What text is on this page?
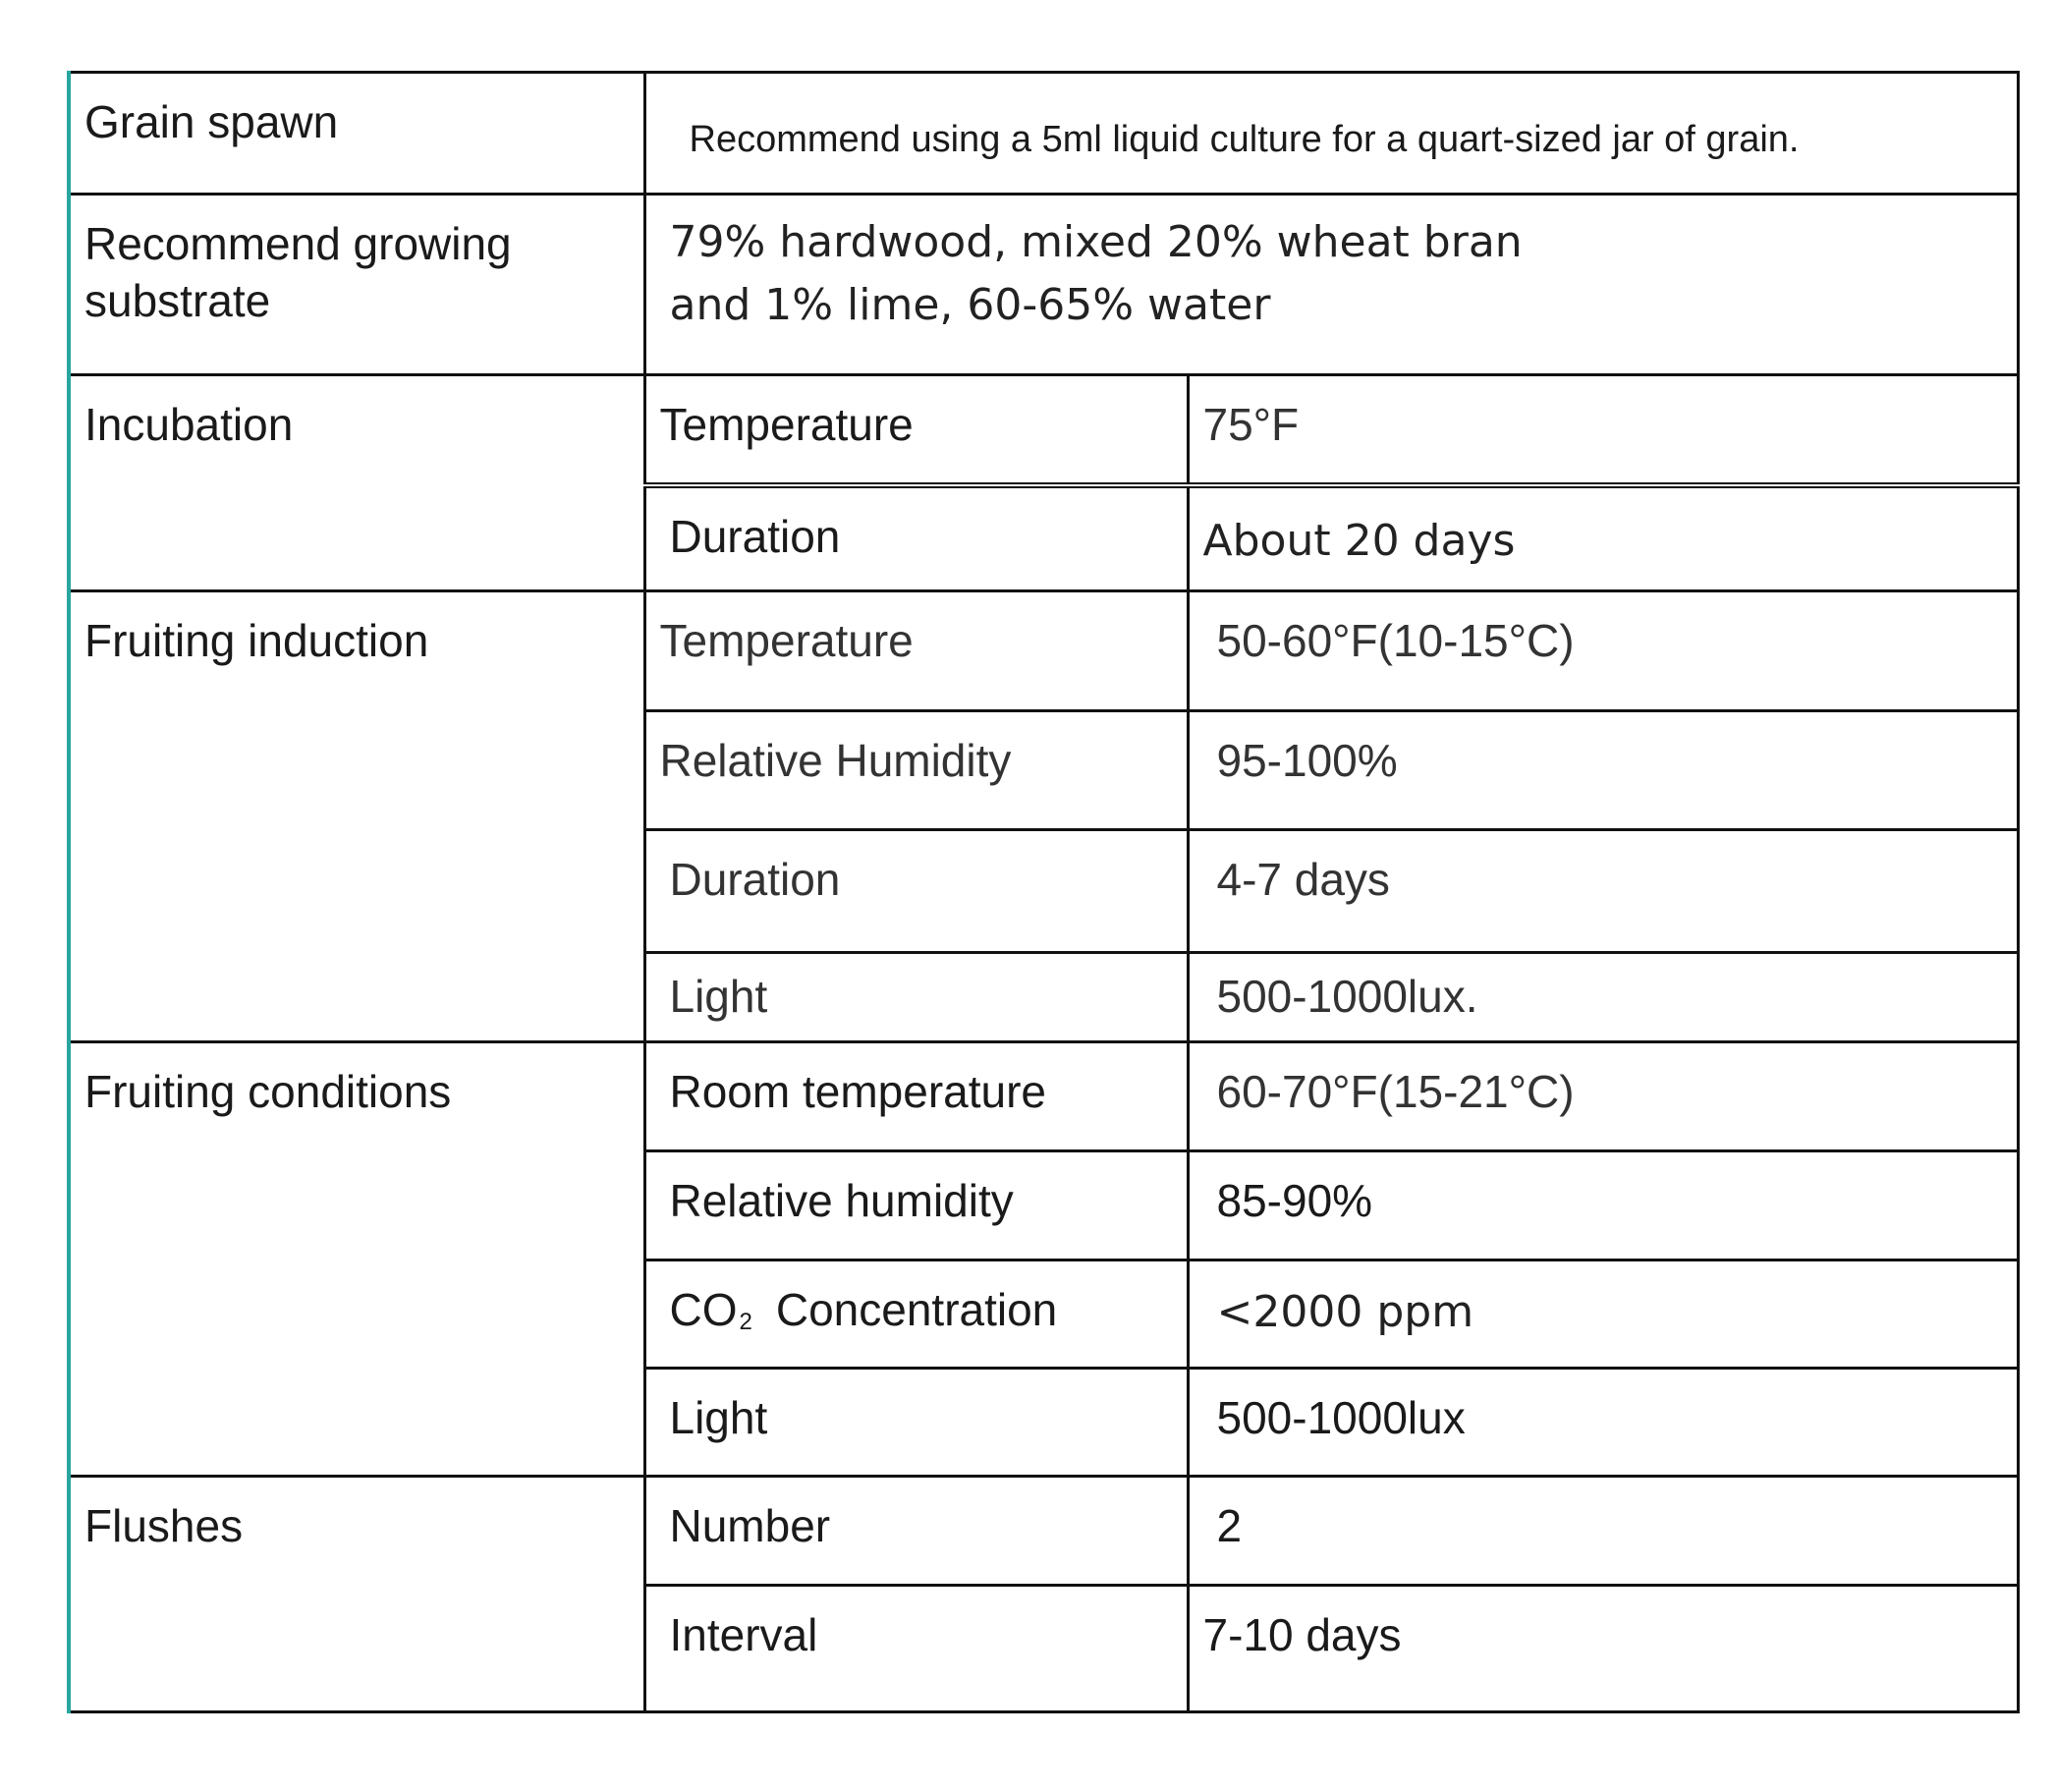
Grain spawn	Recommend using a 5ml liquid culture for a quart-sized jar of grain.	

Recommend growing substrate	79% hardwood, mixed 20% wheat bran
and 1% lime, 60-65% water	

Incubation	Temperature	75°F

	Duration	About 20 days

Fruiting induction	Temperature	50-60°F(10-15°C)

	Relative Humidity	95-100%

	Duration	4-7 days

	Light	500-1000lux.

Fruiting conditions	Room temperature	60-70°F(15-21°C)

	Relative humidity	85-90%

	$CO_2$ Concentration	<2000 ppm

	Light	500-1000lux

Flushes	Number	2

	Interval	7-10 days
